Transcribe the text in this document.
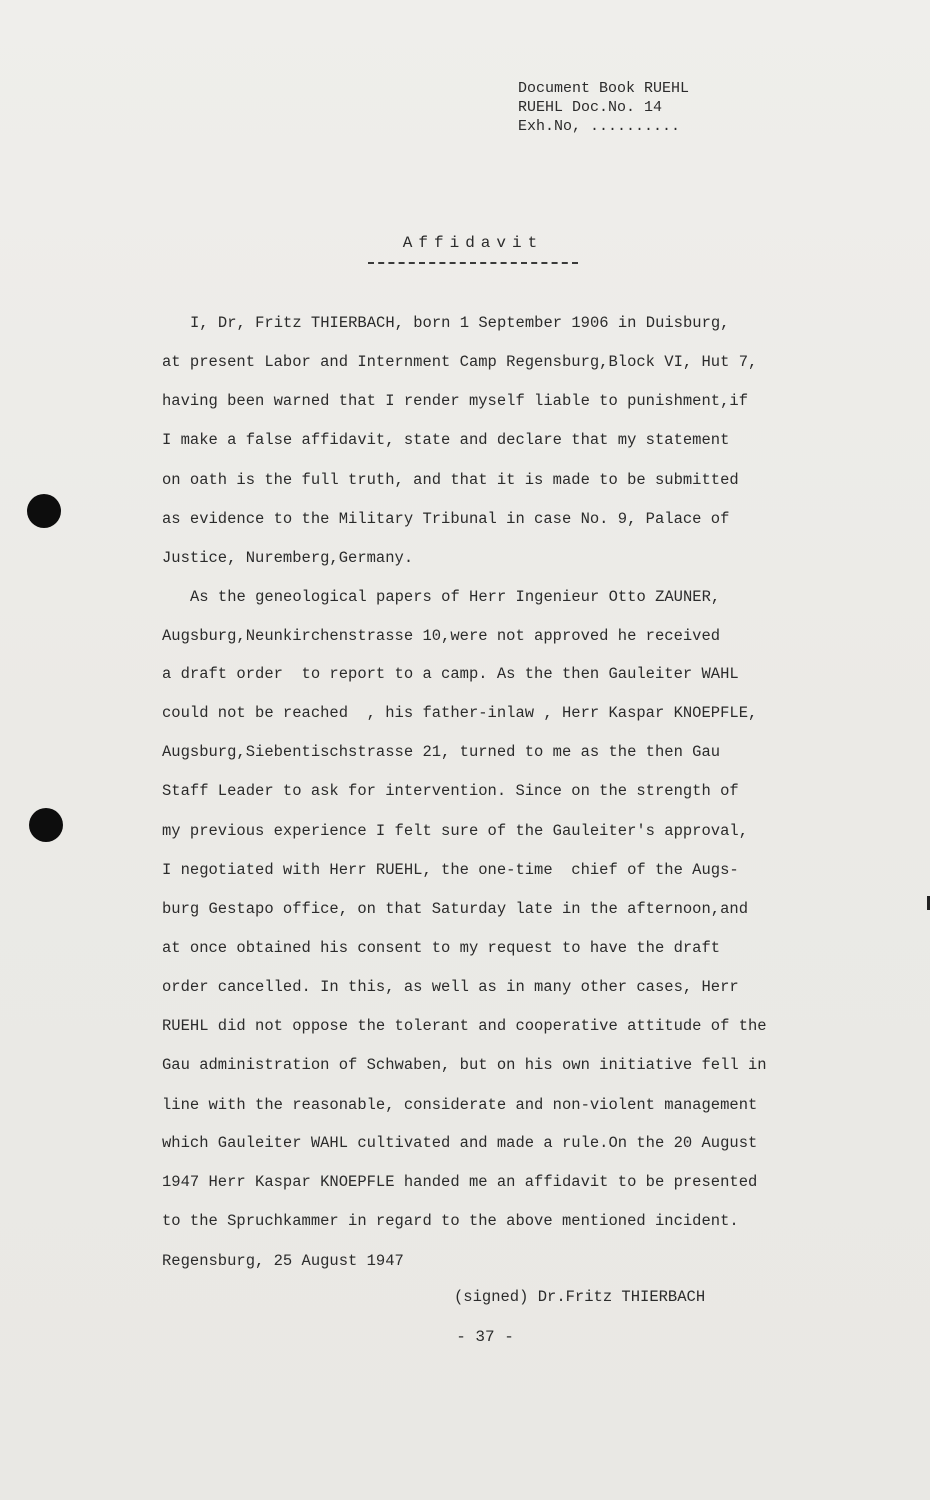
Document Book RUEHL
RUEHL Doc.No. 14
Exh.No, ..........
Affidavit
I, Dr, Fritz THIERBACH, born 1 September 1906 in Duisburg,
at present Labor and Internment Camp Regensburg,Block VI, Hut 7,
having been warned that I render myself liable to punishment,if
I make a false affidavit, state and declare that my statement
on oath is the full truth, and that it is made to be submitted
as evidence to the Military Tribunal in case No. 9, Palace of
Justice, Nuremberg,Germany.
As the geneological papers of Herr Ingenieur Otto ZAUNER,
Augsburg,Neunkirchenstrasse 10,were not approved he received
a draft order  to report to a camp. As the then Gauleiter WAHL
could not be reached  , his father-inlaw , Herr Kaspar KNOEPFLE,
Augsburg,Siebentischstrasse 21, turned to me as the then Gau
Staff Leader to ask for intervention. Since on the strength of
my previous experience I felt sure of the Gauleiter's approval,
I negotiated with Herr RUEHL, the one-time  chief of the Augs-
burg Gestapo office, on that Saturday late in the afternoon,and
at once obtained his consent to my request to have the draft
order cancelled. In this, as well as in many other cases, Herr
RUEHL did not oppose the tolerant and cooperative attitude of the
Gau administration of Schwaben, but on his own initiative fell in
line with the reasonable, considerate and non-violent management
which Gauleiter WAHL cultivated and made a rule.On the 20 August
1947 Herr Kaspar KNOEPFLE handed me an affidavit to be presented
to the Spruchkammer in regard to the above mentioned incident.
Regensburg, 25 August 1947
(signed) Dr.Fritz THIERBACH
- 37 -
